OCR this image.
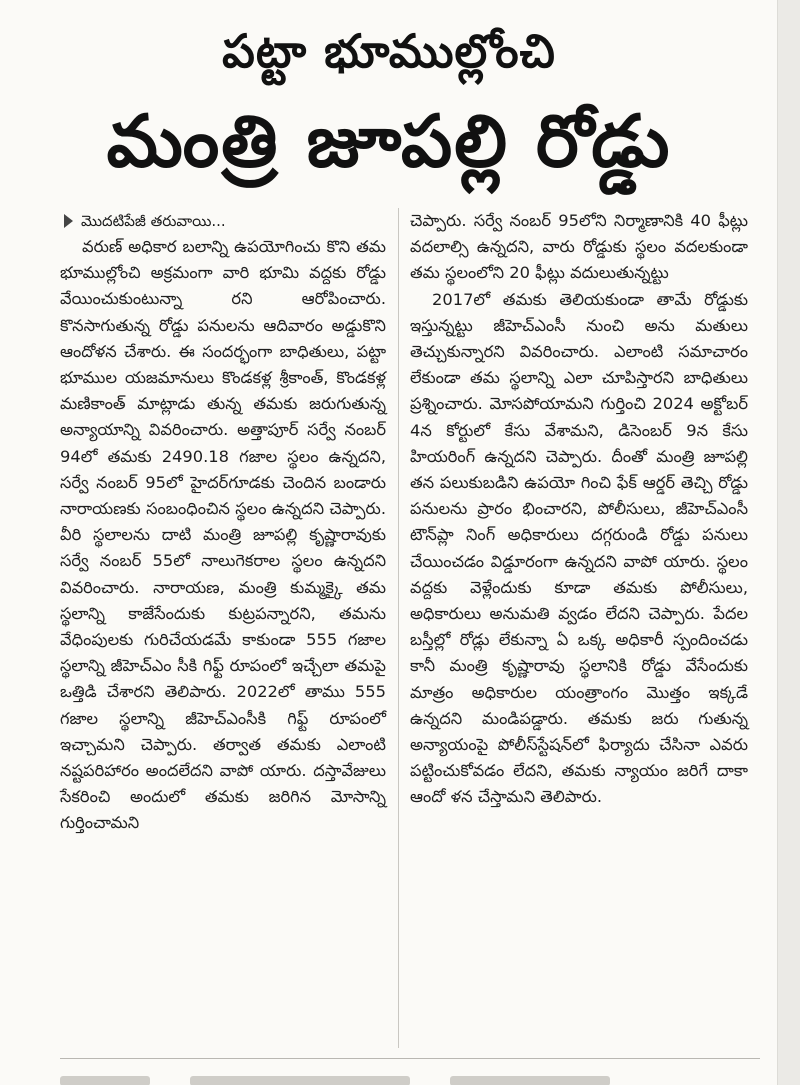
పట్టా భూముల్లోంచి
మంత్రి జూపల్లి రోడ్డు
మొదటిపేజీ తరువాయి...

వరుణ్ అధికార బలాన్ని ఉపయోగించు కొని తమ భూముల్లోంచి అక్రమంగా వారి భూమి వద్దకు రోడ్డు వేయించుకుంటున్నా రని ఆరోపించారు. కొనసాగుతున్న రోడ్డు పనులను ఆదివారం అడ్డుకొని ఆందోళన చేశారు. ఈ సందర్భంగా బాధితులు, పట్టా భూముల యజమానులు కొండకళ్ల శ్రీకాంత్, కొండకళ్ల మణికాంత్ మాట్లాడు తున్న తమకు జరుగుతున్న అన్యాయాన్ని వివరించారు. అత్తాపూర్ సర్వే నంబర్ 94లో తమకు 2490.18 గజాల స్థలం ఉన్నదని, సర్వే నంబర్ 95లో హైదర్‌గూడకు చెందిన బండారు నారాయణకు సంబంధించిన స్థలం ఉన్నదని చెప్పారు. వీరి స్థలాలను దాటి మంత్రి జూపల్లి కృష్ణారావుకు సర్వే నంబర్ 55లో నాలుగెకరాల స్థలం ఉన్నదని వివరించారు. నారాయణ, మంత్రి కుమ్మక్కై తమ స్థలాన్ని కాజేసేందుకు కుట్రపన్నారని, తమను వేధింపులకు గురిచేయడమే కాకుండా 555 గజాల స్థలాన్ని జీహెచ్‌ఎం సీకి గిఫ్ట్ రూపంలో ఇచ్చేలా తమపై ఒత్తిడి చేశారని తెలిపారు. 2022లో తాము 555 గజాల స్థలాన్ని జీహెచ్‌ఎంసీకి గిఫ్ట్ రూపంలో ఇచ్చామని చెప్పారు. తర్వాత తమకు ఎలాంటి నష్టపరిహారం అందలేదని వాపో యారు. దస్తావేజులు సేకరించి అందులో తమకు జరిగిన మోసాన్ని గుర్తించామని

చెప్పారు. సర్వే నంబర్ 95లోని నిర్మాణానికి 40 ఫీట్లు వదలాల్సి ఉన్నదని, వారు రోడ్డుకు స్థలం వదలకుండా తమ స్థలంలోని 20 ఫీట్లు వదులుతున్నట్టు

2017లో తమకు తెలియకుండా తామే రోడ్డుకు ఇస్తున్నట్టు జీహెచ్‌ఎంసీ నుంచి అను మతులు తెచ్చుకున్నారని వివరించారు. ఎలాంటి సమాచారం లేకుండా తమ స్థలాన్ని ఎలా చూపిస్తారని బాధితులు ప్రశ్నించారు. మోసపోయామని గుర్తించి 2024 అక్టోబర్ 4న కోర్టులో కేసు వేశామని, డిసెంబర్ 9న కేసు హియరింగ్ ఉన్నదని చెప్పారు. దీంతో మంత్రి జూపల్లి తన పలుకుబడిని ఉపయో గించి ఫేక్ ఆర్డర్ తెచ్చి రోడ్డు పనులను ప్రారం భించారని, పోలీసులు, జీహెచ్‌ఎంసీ టౌన్‌ప్లా నింగ్ అధికారులు దగ్గరుండి రోడ్డు పనులు చేయించడం విడ్డూరంగా ఉన్నదని వాపో యారు. స్థలం వద్దకు వెళ్లేందుకు కూడా తమకు పోలీసులు, అధికారులు అనుమతి వ్వడం లేదని చెప్పారు. పేదల బస్తీల్లో రోడ్లు లేకున్నా ఏ ఒక్క అధికారీ స్పందించడు కానీ మంత్రి కృష్ణారావు స్థలానికి రోడ్డు వేసేందుకు మాత్రం అధికారుల యంత్రాంగం మొత్తం ఇక్కడే ఉన్నదని మండిపడ్డారు. తమకు జరు గుతున్న అన్యాయంపై పోలీస్‌స్టేషన్‌లో ఫిర్యాదు చేసినా ఎవరు పట్టించుకోవడం లేదని, తమకు న్యాయం జరిగే దాకా ఆందో ళన చేస్తామని తెలిపారు.
